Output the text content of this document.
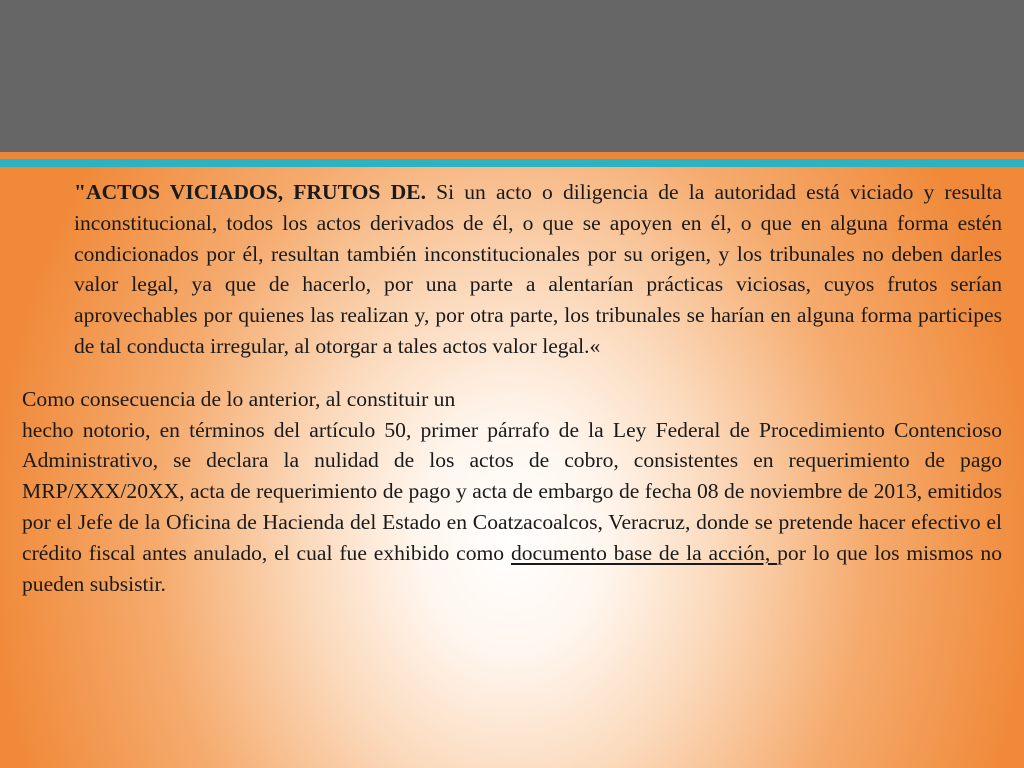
"ACTOS VICIADOS, FRUTOS DE. Si un acto o diligencia de la autoridad está viciado y resulta inconstitucional, todos los actos derivados de él, o que se apoyen en él, o que en alguna forma estén condicionados por él, resultan también inconstitucionales por su origen, y los tribunales no deben darles valor legal, ya que de hacerlo, por una parte a alentarían prácticas viciosas, cuyos frutos serían aprovechables por quienes las realizan y, por otra parte, los tribunales se harían en alguna forma participes de tal conducta irregular, al otorgar a tales actos valor legal.«

Como consecuencia de lo anterior, al constituir un

hecho notorio, en términos del artículo 50, primer párrafo de la Ley Federal de Procedimiento Contencioso Administrativo, se declara la nulidad de los actos de cobro, consistentes en requerimiento de pago MRP/XXX/20XX, acta de requerimiento de pago y acta de embargo de fecha 08 de noviembre de 2013, emitidos por el Jefe de la Oficina de Hacienda del Estado en Coatzacoalcos, Veracruz, donde se pretende hacer efectivo el crédito fiscal antes anulado, el cual fue exhibido como documento base de la acción, por lo que los mismos no pueden subsistir.
